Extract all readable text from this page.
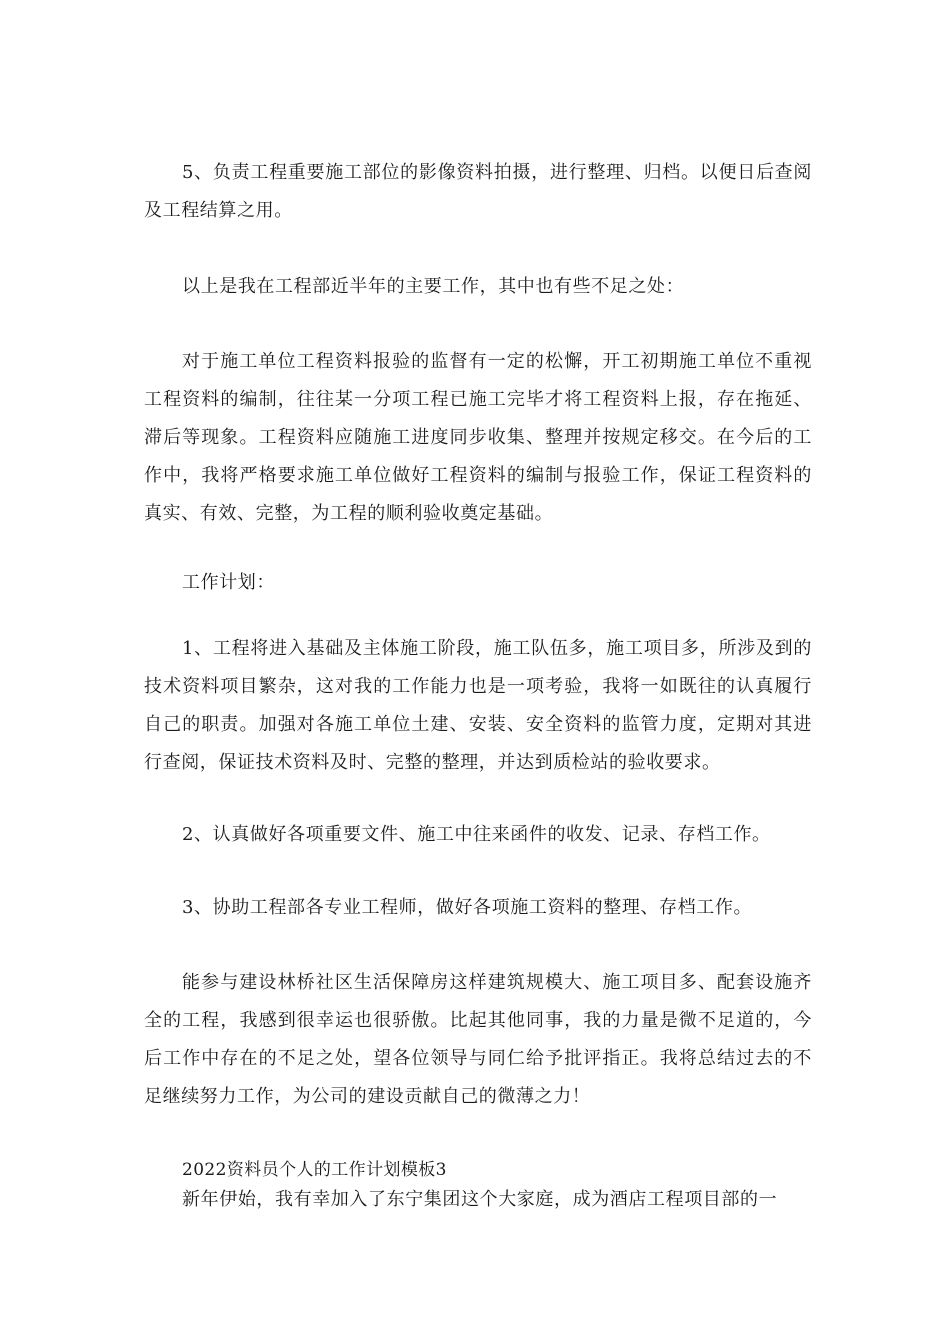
5、负责工程重要施工部位的影像资料拍摄，进行整理、归档。以便日后查阅及工程结算之用。

以上是我在工程部近半年的主要工作，其中也有些不足之处：

对于施工单位工程资料报验的监督有一定的松懈，开工初期施工单位不重视工程资料的编制，往往某一分项工程已施工完毕才将工程资料上报，存在拖延、滞后等现象。工程资料应随施工进度同步收集、整理并按规定移交。在今后的工作中，我将严格要求施工单位做好工程资料的编制与报验工作，保证工程资料的真实、有效、完整，为工程的顺利验收奠定基础。

工作计划：

1、工程将进入基础及主体施工阶段，施工队伍多，施工项目多，所涉及到的技术资料项目繁杂，这对我的工作能力也是一项考验，我将一如既往的认真履行自己的职责。加强对各施工单位土建、安装、安全资料的监管力度，定期对其进行查阅，保证技术资料及时、完整的整理，并达到质检站的验收要求。

2、认真做好各项重要文件、施工中往来函件的收发、记录、存档工作。

3、协助工程部各专业工程师，做好各项施工资料的整理、存档工作。

能参与建设林桥社区生活保障房这样建筑规模大、施工项目多、配套设施齐全的工程，我感到很幸运也很骄傲。比起其他同事，我的力量是微不足道的，今后工作中存在的不足之处，望各位领导与同仁给予批评指正。我将总结过去的不足继续努力工作，为公司的建设贡献自己的微薄之力！

2022资料员个人的工作计划模板3

新年伊始，我有幸加入了东宁集团这个大家庭，成为酒店工程项目部的一
